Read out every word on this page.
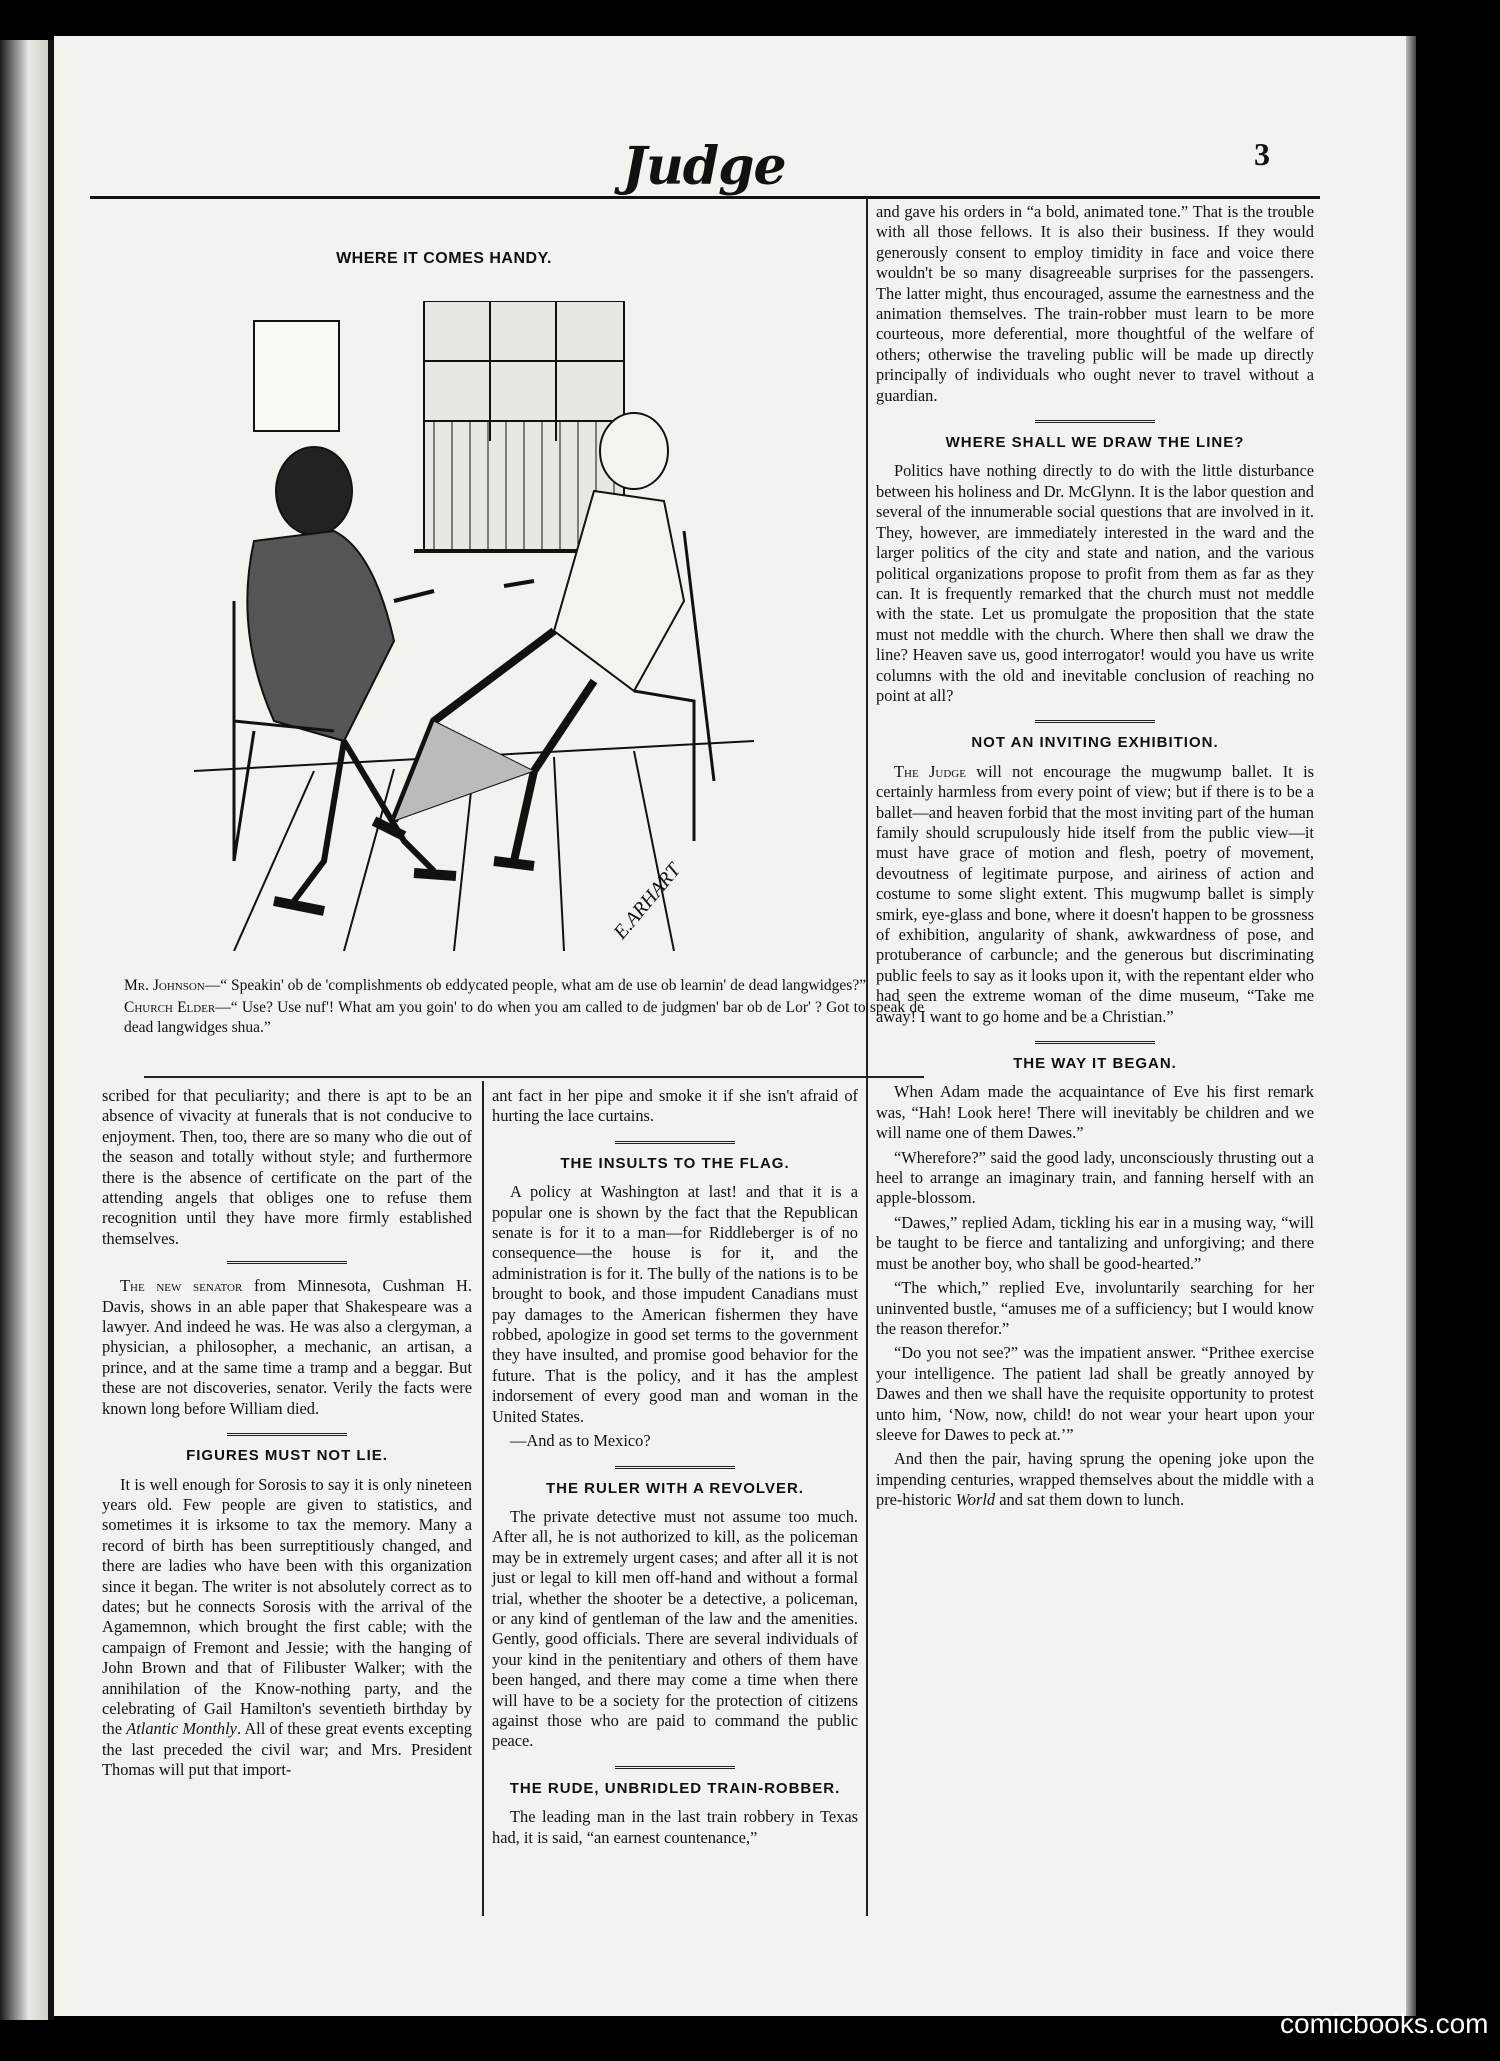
Judge	3
WHERE IT COMES HANDY.
E.ARHART

Mr. Johnson—“ Speakin' ob de 'complishments ob eddycated people, what am de use ob learnin' de dead langwidges?”

Church Elder—“ Use? Use nuf'! What am you goin' to do when you am called to de judgmen' bar ob de Lor' ? Got to speak de dead langwidges shua.”

scribed for that peculiarity; and there is apt to be an absence of vivacity at funerals that is not conducive to enjoyment. Then, too, there are so many who die out of the season and totally without style; and furthermore there is the absence of certificate on the part of the attending angels that obliges one to refuse them recognition until they have more firmly established themselves.

The new senator from Minnesota, Cushman H. Davis, shows in an able paper that Shakespeare was a lawyer. And indeed he was. He was also a clergyman, a physician, a philosopher, a mechanic, an artisan, a prince, and at the same time a tramp and a beggar. But these are not discoveries, senator. Verily the facts were known long before William died.

FIGURES MUST NOT LIE.

It is well enough for Sorosis to say it is only nineteen years old. Few people are given to statistics, and sometimes it is irksome to tax the memory. Many a record of birth has been surreptitiously changed, and there are ladies who have been with this organization since it began. The writer is not absolutely correct as to dates; but he connects Sorosis with the arrival of the Agamemnon, which brought the first cable; with the campaign of Fremont and Jessie; with the hanging of John Brown and that of Filibuster Walker; with the annihilation of the Know-nothing party, and the celebrating of Gail Hamilton's seventieth birthday by the Atlantic Monthly. All of these great events excepting the last preceded the civil war; and Mrs. President Thomas will put that import-

ant fact in her pipe and smoke it if she isn't afraid of hurting the lace curtains.

THE INSULTS TO THE FLAG.

A policy at Washington at last! and that it is a popular one is shown by the fact that the Republican senate is for it to a man—for Riddleberger is of no consequence—the house is for it, and the administration is for it. The bully of the nations is to be brought to book, and those impudent Canadians must pay damages to the American fishermen they have robbed, apologize in good set terms to the government they have insulted, and promise good behavior for the future. That is the policy, and it has the amplest indorsement of every good man and woman in the United States.

—And as to Mexico?

THE RULER WITH A REVOLVER.

The private detective must not assume too much. After all, he is not authorized to kill, as the policeman may be in extremely urgent cases; and after all it is not just or legal to kill men off-hand and without a formal trial, whether the shooter be a detective, a policeman, or any kind of gentleman of the law and the amenities. Gently, good officials. There are several individuals of your kind in the penitentiary and others of them have been hanged, and there may come a time when there will have to be a society for the protection of citizens against those who are paid to command the public peace.

THE RUDE, UNBRIDLED TRAIN-ROBBER.

The leading man in the last train robbery in Texas had, it is said, “an earnest countenance,”

and gave his orders in “a bold, animated tone.” That is the trouble with all those fellows. It is also their business. If they would generously consent to employ timidity in face and voice there wouldn't be so many disagreeable surprises for the passengers. The latter might, thus encouraged, assume the earnestness and the animation themselves. The train-robber must learn to be more courteous, more deferential, more thoughtful of the welfare of others; otherwise the traveling public will be made up directly principally of individuals who ought never to travel without a guardian.

WHERE SHALL WE DRAW THE LINE?

Politics have nothing directly to do with the little disturbance between his holiness and Dr. McGlynn. It is the labor question and several of the innumerable social questions that are involved in it. They, however, are immediately interested in the ward and the larger politics of the city and state and nation, and the various political organizations propose to profit from them as far as they can. It is frequently remarked that the church must not meddle with the state. Let us promulgate the proposition that the state must not meddle with the church. Where then shall we draw the line? Heaven save us, good interrogator! would you have us write columns with the old and inevitable conclusion of reaching no point at all?

NOT AN INVITING EXHIBITION.

The Judge will not encourage the mugwump ballet. It is certainly harmless from every point of view; but if there is to be a ballet—and heaven forbid that the most inviting part of the human family should scrupulously hide itself from the public view—it must have grace of motion and flesh, poetry of movement, devoutness of legitimate purpose, and airiness of action and costume to some slight extent. This mugwump ballet is simply smirk, eye-glass and bone, where it doesn't happen to be grossness of exhibition, angularity of shank, awkwardness of pose, and protuberance of carbuncle; and the generous but discriminating public feels to say as it looks upon it, with the repentant elder who had seen the extreme woman of the dime museum, “Take me away! I want to go home and be a Christian.”

THE WAY IT BEGAN.

When Adam made the acquaintance of Eve his first remark was, “Hah! Look here! There will inevitably be children and we will name one of them Dawes.”

“Wherefore?” said the good lady, unconsciously thrusting out a heel to arrange an imaginary train, and fanning herself with an apple-blossom.

“Dawes,” replied Adam, tickling his ear in a musing way, “will be taught to be fierce and tantalizing and unforgiving; and there must be another boy, who shall be good-hearted.”

“The which,” replied Eve, involuntarily searching for her uninvented bustle, “amuses me of a sufficiency; but I would know the reason therefor.”

“Do you not see?” was the impatient answer. “Prithee exercise your intelligence. The patient lad shall be greatly annoyed by Dawes and then we shall have the requisite opportunity to protest unto him, ‘Now, now, child! do not wear your heart upon your sleeve for Dawes to peck at.’”

And then the pair, having sprung the opening joke upon the impending centuries, wrapped themselves about the middle with a pre-historic World and sat them down to lunch.

comicbooks.com
